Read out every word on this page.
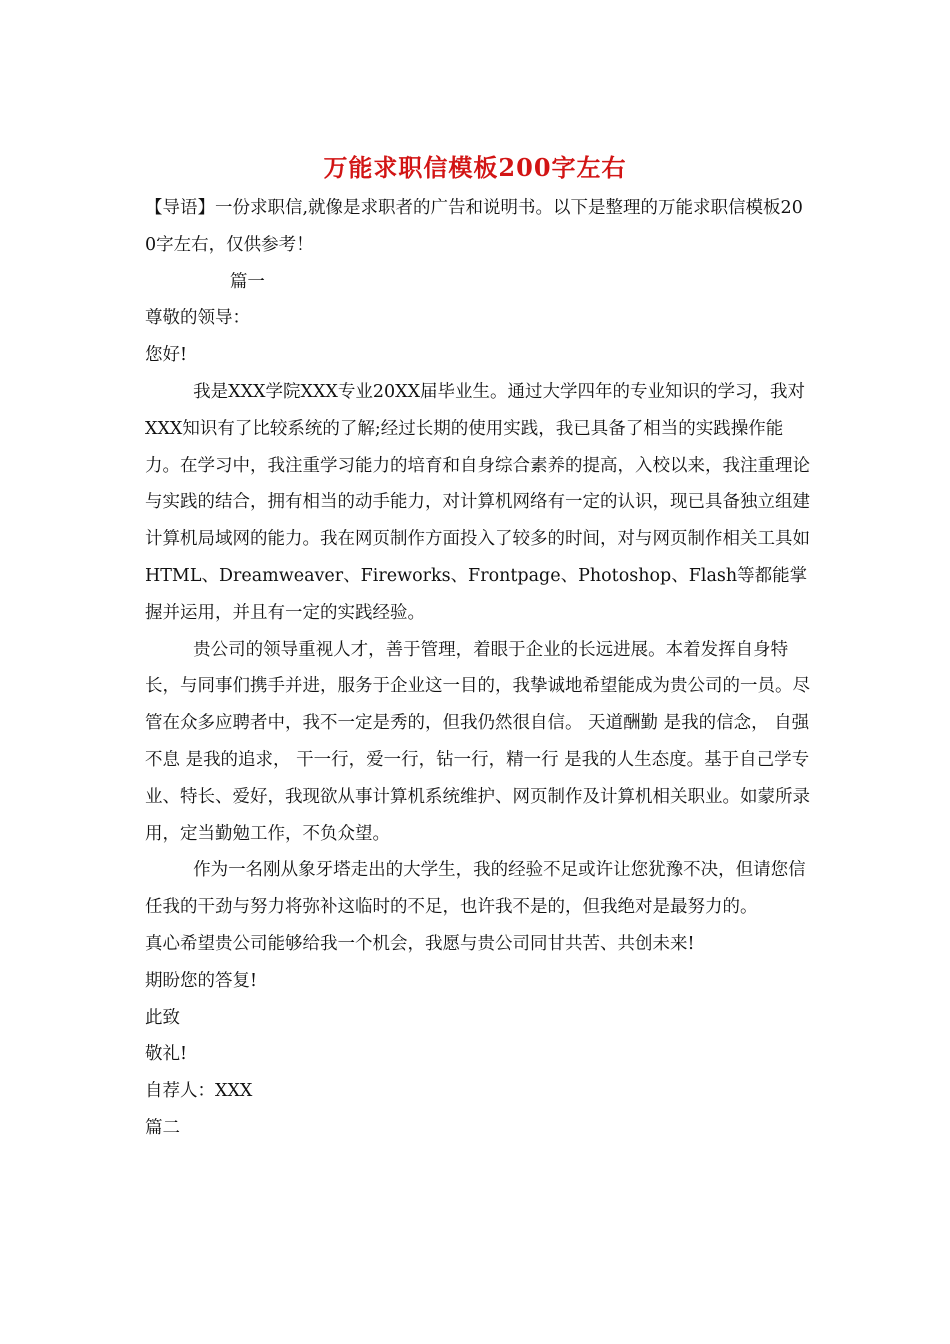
万能求职信模板200字左右

【导语】一份求职信,就像是求职者的广告和说明书。以下是整理的万能求职信模板200字左右，仅供参考！

篇一

尊敬的领导：

您好!

我是XXX学院XXX专业20XX届毕业生。通过大学四年的专业知识的学习，我对XXX知识有了比较系统的了解;经过长期的使用实践，我已具备了相当的实践操作能力。在学习中，我注重学习能力的培育和自身综合素养的提高，入校以来，我注重理论与实践的结合，拥有相当的动手能力，对计算机网络有一定的认识，现已具备独立组建计算机局域网的能力。我在网页制作方面投入了较多的时间，对与网页制作相关工具如

HTML、Dreamweaver、Fireworks、Frontpage、Photoshop、Flash等都能掌握并运用，并且有一定的实践经验。

贵公司的领导重视人才，善于管理，着眼于企业的长远进展。本着发挥自身特长，与同事们携手并进，服务于企业这一目的，我挚诚地希望能成为贵公司的一员。尽管在众多应聘者中，我不一定是秀的，但我仍然很自信。 天道酬勤 是我的信念， 自强不息 是我的追求， 干一行，爱一行，钻一行，精一行 是我的人生态度。基于自己学专业、特长、爱好，我现欲从事计算机系统维护、网页制作及计算机相关职业。如蒙所录用，定当勤勉工作，不负众望。

作为一名刚从象牙塔走出的大学生，我的经验不足或许让您犹豫不决，但请您信任我的干劲与努力将弥补这临时的不足，也许我不是的，但我绝对是最努力的。

真心希望贵公司能够给我一个机会，我愿与贵公司同甘共苦、共创未来!

期盼您的答复!

此致

敬礼!

自荐人：XXX

篇二
